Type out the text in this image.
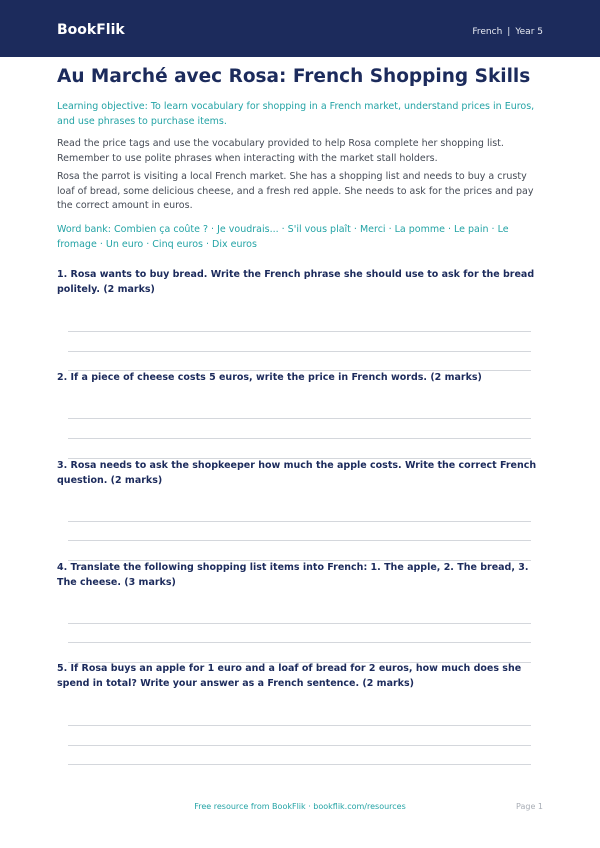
BookFlik	French | Year 5
Au Marché avec Rosa: French Shopping Skills
Learning objective: To learn vocabulary for shopping in a French market, understand prices in Euros, and use phrases to purchase items.
Read the price tags and use the vocabulary provided to help Rosa complete her shopping list. Remember to use polite phrases when interacting with the market stall holders.
Rosa the parrot is visiting a local French market. She has a shopping list and needs to buy a crusty loaf of bread, some delicious cheese, and a fresh red apple. She needs to ask for the prices and pay the correct amount in euros.
Word bank: Combien ça coûte ? · Je voudrais... · S'il vous plaît · Merci · La pomme · Le pain · Le fromage · Un euro · Cinq euros · Dix euros
1. Rosa wants to buy bread. Write the French phrase she should use to ask for the bread politely. (2 marks)
2. If a piece of cheese costs 5 euros, write the price in French words. (2 marks)
3. Rosa needs to ask the shopkeeper how much the apple costs. Write the correct French question. (2 marks)
4. Translate the following shopping list items into French: 1. The apple, 2. The bread, 3. The cheese. (3 marks)
5. If Rosa buys an apple for 1 euro and a loaf of bread for 2 euros, how much does she spend in total? Write your answer as a French sentence. (2 marks)
Free resource from BookFlik · bookflik.com/resources	Page 1
